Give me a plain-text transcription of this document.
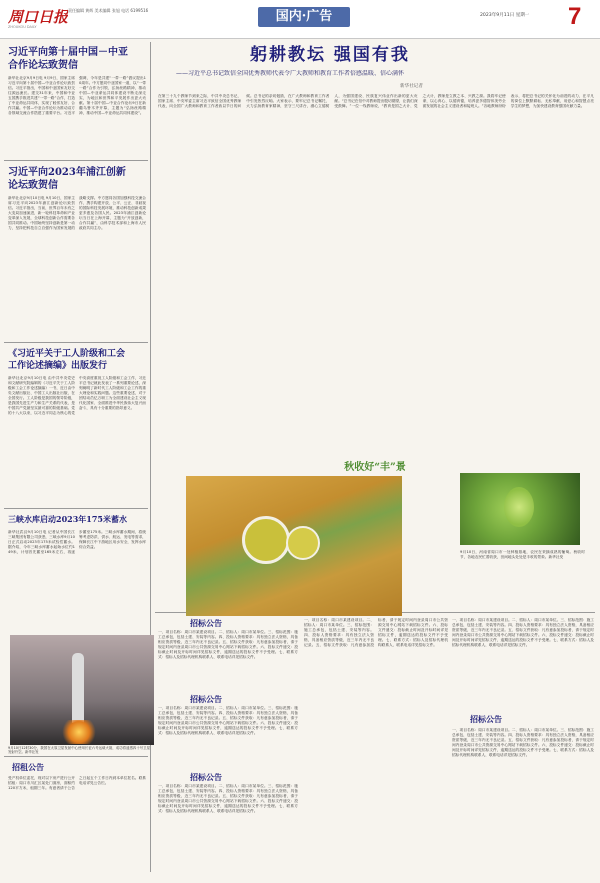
周口日报
ZHOUKOU DAILY
责任编辑 黄辉 美术编辑 张旭 电话 6199516	国内·广告	2023年9月11日 星期一 7
习近平向第十届中国－中亚
合作论坛致贺信
新华社北京9月9日电 9月9日，国家主席习近平向第十届中国—中亚合作论坛致贺信。习近平指出，中国和中亚国家友好交往源远流长。建交31年来，中国和中亚五国携手推进共建“一带一路”合作，打造了中亚命运共同体，实现了睦邻友好、合作共赢。中国—中亚合作论坛为推动双方各领域交流合作搭建了重要平台。习近平强调，今年是共建“一带一路”倡议提出10周年。中方愿同中亚国家一道，以“一带一路”合作为引领，弘扬丝路精神，推动中国—中亚命运共同体建设不断走深走实，为地区和世界和平发展作出更大贡献。第十届中国—中亚合作论坛9日在新疆乌鲁木齐开幕，主题为“弘扬丝路精神，推动中国—中亚命运共同体建设”。
习近平向2023年浦江创新
论坛致贺信
新华社北京9月10日电 9月10日，国家主席习近平向2023年浦江创新论坛致贺信。习近平指出，当前，世界百年未有之大变局加速演进，新一轮科技革命和产业变革深入发展，全球科技创新合作需要各国共同推动。中国始终坚持创新是第一动力，坚持把科技自立自强作为国家发展的战略支撑。中方愿同各国加强科技交流合作，携手构建开放、公平、公正、非歧视的国际科技发展环境，推动科技创新成果更多惠及各国人民。2023年浦江创新论坛当日在上海开幕，主题为“开放创新，合作共赢”，由科学技术部和上海市人民政府共同主办。
《习近平关于工人阶级和工会
工作论述摘编》出版发行
新华社北京9月10日电 由中共中央党史和文献研究院编辑的《习近平关于工人阶级和工会工作论述摘编》一书，近日由中央文献出版社、中国工人出版社出版，在全国发行。工人阶级是我国的领导阶级，是我国先进生产力和生产关系的代表，是中国共产党最坚实最可靠的阶级基础。党的十八大以来，以习近平同志为核心的党中央高度重视工人阶级和工会工作，习近平总书记就此发表了一系列重要论述，深刻阐明了新时代工人阶级和工会工作的重大理论和实践问题。这些重要论述，对于团结动员亿万职工为全面建设社会主义现代化国家、全面推进中华民族伟大复兴而奋斗，具有十分重要的指导意义。
三峡水库启动2023年175米蓄水
新华社武汉9月10日电 记者从中国长江三峡集团有限公司获悉，三峡水库9月10日正式启动2023年175米试验性蓄水。据介绍，今年三峡水库蓄水起始水位约149米，计划首先蓄至165米左右，再逐步蓄至175米。三峡水库蓄水期间，将统筹考虑防洪、供水、航运、发电等需求，保障长江中下游地区用水安全，发挥水库综合效益。
9月10日12时30分，我国在太原卫星发射中心使用长征六号运载火箭，成功将遥感四十号卫星发射升空。新华社发
招租公告
受产权单位委托，现对以下房产进行公开招租：周口市川汇区某处门面房，面积约120平方米，租期三年。有意者请于公告之日起五个工作日内到本单位报名。联系电话详见公告栏。
躬耕教坛 强国有我
——习近平总书记致信全国优秀教师代表令广大教师和教育工作者倍感温暖、信心满怀
新华社记者
在第三十九个教师节到来之际，中共中央总书记、国家主席、中央军委主席习近平致信全国优秀教师代表，向全国广大教师和教育工作者致以节日的问候。总书记的亲切勉励，在广大教师和教育工作者中引发热烈反响。大家表示，要牢记总书记嘱托，大力弘扬教育家精神，坚守三尺讲台，潜心立德树人，为强国建设、民族复兴伟业作出新的更大贡献。“总书记在信中对教师提出殷切期望，让我们深受鼓舞。”一位一线教师说，“教育是国之大计、党之大计，教师是立教之本、兴教之源。我将牢记使命，以心育心、以德育德，培养更多德智体美劳全面发展的社会主义建设者和接班人。”各地教师纷纷表示，将把总书记的关怀化为前进的动力，在平凡的岗位上默默耕耘、无私奉献，用爱心和智慧点亮学生的梦想，为加快建设教育强国贡献力量。
秋收好“丰”景
9月10日，河南省周口市一处种植基地，农民在采摘成熟的葡萄。秋收时节，各地农民忙着收获，田间地头处处是丰收的景象。新华社发
招标公告
一、项目名称：周口市某建设项目。二、招标人：周口市某单位。三、招标范围：施工总承包，包括土建、安装等内容。四、投标人资格要求：具有独立法人资格，具备相应资质等级，近三年内无不良记录。五、招标文件获取：凡有意参加投标者，请于规定时间内登录周口市公共资源交易中心网站下载招标文件。六、投标文件递交：投标截止时间及开标时间详见招标文件，逾期送达的投标文件不予受理。七、联系方式：招标人及招标代理机构联系人、联系电话详见招标文件。
招标公告
一、项目名称：周口市某建设项目。二、招标人：周口市某单位。三、招标范围：施工总承包，包括土建、安装等内容。四、投标人资格要求：具有独立法人资格，具备相应资质等级，近三年内无不良记录。五、招标文件获取：凡有意参加投标者，请于规定时间内登录周口市公共资源交易中心网站下载招标文件。六、投标文件递交：投标截止时间及开标时间详见招标文件，逾期送达的投标文件不予受理。七、联系方式：招标人及招标代理机构联系人、联系电话详见招标文件。
招标公告
一、项目名称：周口市某建设项目。二、招标人：周口市某单位。三、招标范围：施工总承包，包括土建、安装等内容。四、投标人资格要求：具有独立法人资格，具备相应资质等级，近三年内无不良记录。五、招标文件获取：凡有意参加投标者，请于规定时间内登录周口市公共资源交易中心网站下载招标文件。六、投标文件递交：投标截止时间及开标时间详见招标文件，逾期送达的投标文件不予受理。七、联系方式：招标人及招标代理机构联系人、联系电话详见招标文件。
一、项目名称：周口市某建设项目。二、招标人：周口市某单位。三、招标范围：施工总承包，包括土建、安装等内容。四、投标人资格要求：具有独立法人资格，具备相应资质等级，近三年内无不良记录。五、招标文件获取：凡有意参加投标者，请于规定时间内登录周口市公共资源交易中心网站下载招标文件。六、投标文件递交：投标截止时间及开标时间详见招标文件，逾期送达的投标文件不予受理。七、联系方式：招标人及招标代理机构联系人、联系电话详见招标文件。
招标公告
一、项目名称：周口市某建设项目。二、招标人：周口市某单位。三、招标范围：施工总承包，包括土建、安装等内容。四、投标人资格要求：具有独立法人资格，具备相应资质等级，近三年内无不良记录。五、招标文件获取：凡有意参加投标者，请于规定时间内登录周口市公共资源交易中心网站下载招标文件。六、投标文件递交：投标截止时间及开标时间详见招标文件，逾期送达的投标文件不予受理。七、联系方式：招标人及招标代理机构联系人、联系电话详见招标文件。
一、项目名称：周口市某建设项目。二、招标人：周口市某单位。三、招标范围：施工总承包，包括土建、安装等内容。四、投标人资格要求：具有独立法人资格，具备相应资质等级，近三年内无不良记录。五、招标文件获取：凡有意参加投标者，请于规定时间内登录周口市公共资源交易中心网站下载招标文件。六、投标文件递交：投标截止时间及开标时间详见招标文件，逾期送达的投标文件不予受理。七、联系方式：招标人及招标代理机构联系人、联系电话详见招标文件。
